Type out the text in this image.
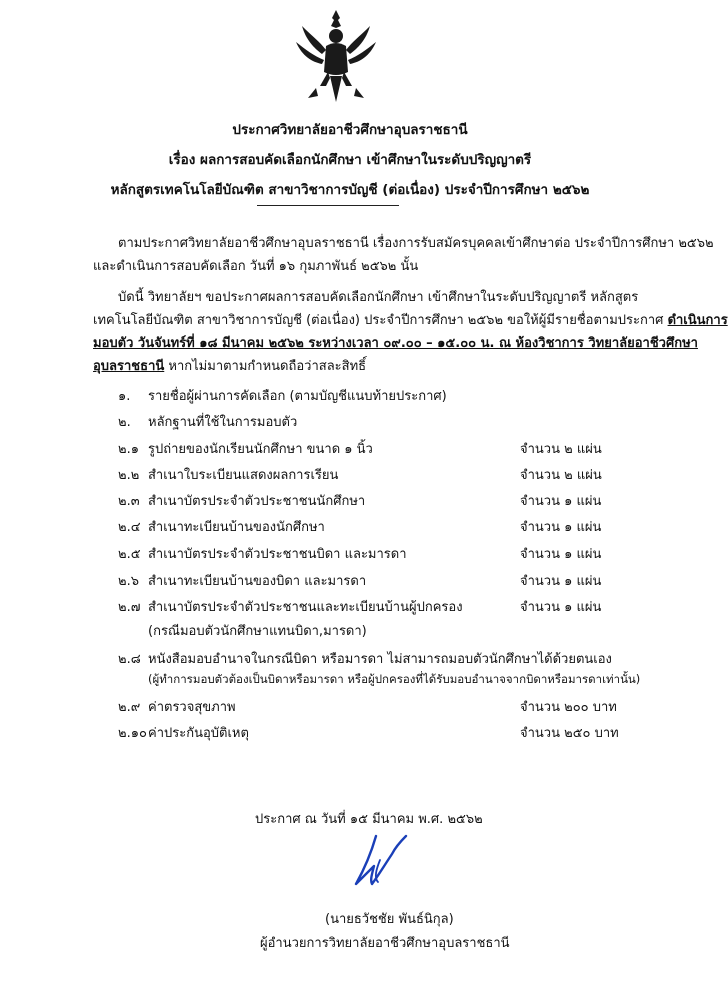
ประกาศวิทยาลัยอาชีวศึกษาอุบลราชธานี
เรื่อง ผลการสอบคัดเลือกนักศึกษา เข้าศึกษาในระดับปริญญาตรี
หลักสูตรเทคโนโลยีบัณฑิต สาขาวิชาการบัญชี (ต่อเนื่อง) ประจำปีการศึกษา ๒๕๖๒
ตามประกาศวิทยาลัยอาชีวศึกษาอุบลราชธานี เรื่องการรับสมัครบุคคลเข้าศึกษาต่อ ประจำปีการศึกษา ๒๕๖๒
และดำเนินการสอบคัดเลือก วันที่ ๑๖ กุมภาพันธ์ ๒๕๖๒ นั้น
บัดนี้ วิทยาลัยฯ ขอประกาศผลการสอบคัดเลือกนักศึกษา เข้าศึกษาในระดับปริญญาตรี หลักสูตร
เทคโนโลยีบัณฑิต สาขาวิชาการบัญชี (ต่อเนื่อง) ประจำปีการศึกษา ๒๕๖๒ ขอให้ผู้มีรายชื่อตามประกาศ ดำเนินการ
มอบตัว วันจันทร์ที่ ๑๘ มีนาคม ๒๕๖๒ ระหว่างเวลา ๐๙.๐๐ – ๑๕.๐๐ น. ณ ห้องวิชาการ วิทยาลัยอาชีวศึกษา
อุบลราชธานี หากไม่มาตามกำหนดถือว่าสละสิทธิ์
๑. รายชื่อผู้ผ่านการคัดเลือก (ตามบัญชีแนบท้ายประกาศ)
๒. หลักฐานที่ใช้ในการมอบตัว
๒.๑ รูปถ่ายของนักเรียนนักศึกษา ขนาด ๑ นิ้ว	จำนวน ๒ แผ่น
๒.๒ สำเนาใบระเบียนแสดงผลการเรียน	จำนวน ๒ แผ่น
๒.๓ สำเนาบัตรประจำตัวประชาชนนักศึกษา	จำนวน ๑ แผ่น
๒.๔ สำเนาทะเบียนบ้านของนักศึกษา	จำนวน ๑ แผ่น
๒.๕ สำเนาบัตรประจำตัวประชาชนบิดา และมารดา	จำนวน ๑ แผ่น
๒.๖ สำเนาทะเบียนบ้านของบิดา และมารดา	จำนวน ๑ แผ่น
๒.๗ สำเนาบัตรประจำตัวประชาชนและทะเบียนบ้านผู้ปกครอง	จำนวน ๑ แผ่น
(กรณีมอบตัวนักศึกษาแทนบิดา,มารดา)
๒.๘ หนังสือมอบอำนาจในกรณีบิดา หรือมารดา ไม่สามารถมอบตัวนักศึกษาได้ด้วยตนเอง
(ผู้ทำการมอบตัวต้องเป็นบิดาหรือมารดา หรือผู้ปกครองที่ได้รับมอบอำนาจจากบิดาหรือมารดาเท่านั้น)
๒.๙ ค่าตรวจสุขภาพ	จำนวน ๒๐๐ บาท
๒.๑๐ ค่าประกันอุบัติเหตุ	จำนวน ๒๕๐ บาท
ประกาศ ณ วันที่ ๑๕ มีนาคม พ.ศ. ๒๕๖๒
(นายธวัชชัย พันธ์นิกุล)
ผู้อำนวยการวิทยาลัยอาชีวศึกษาอุบลราชธานี
